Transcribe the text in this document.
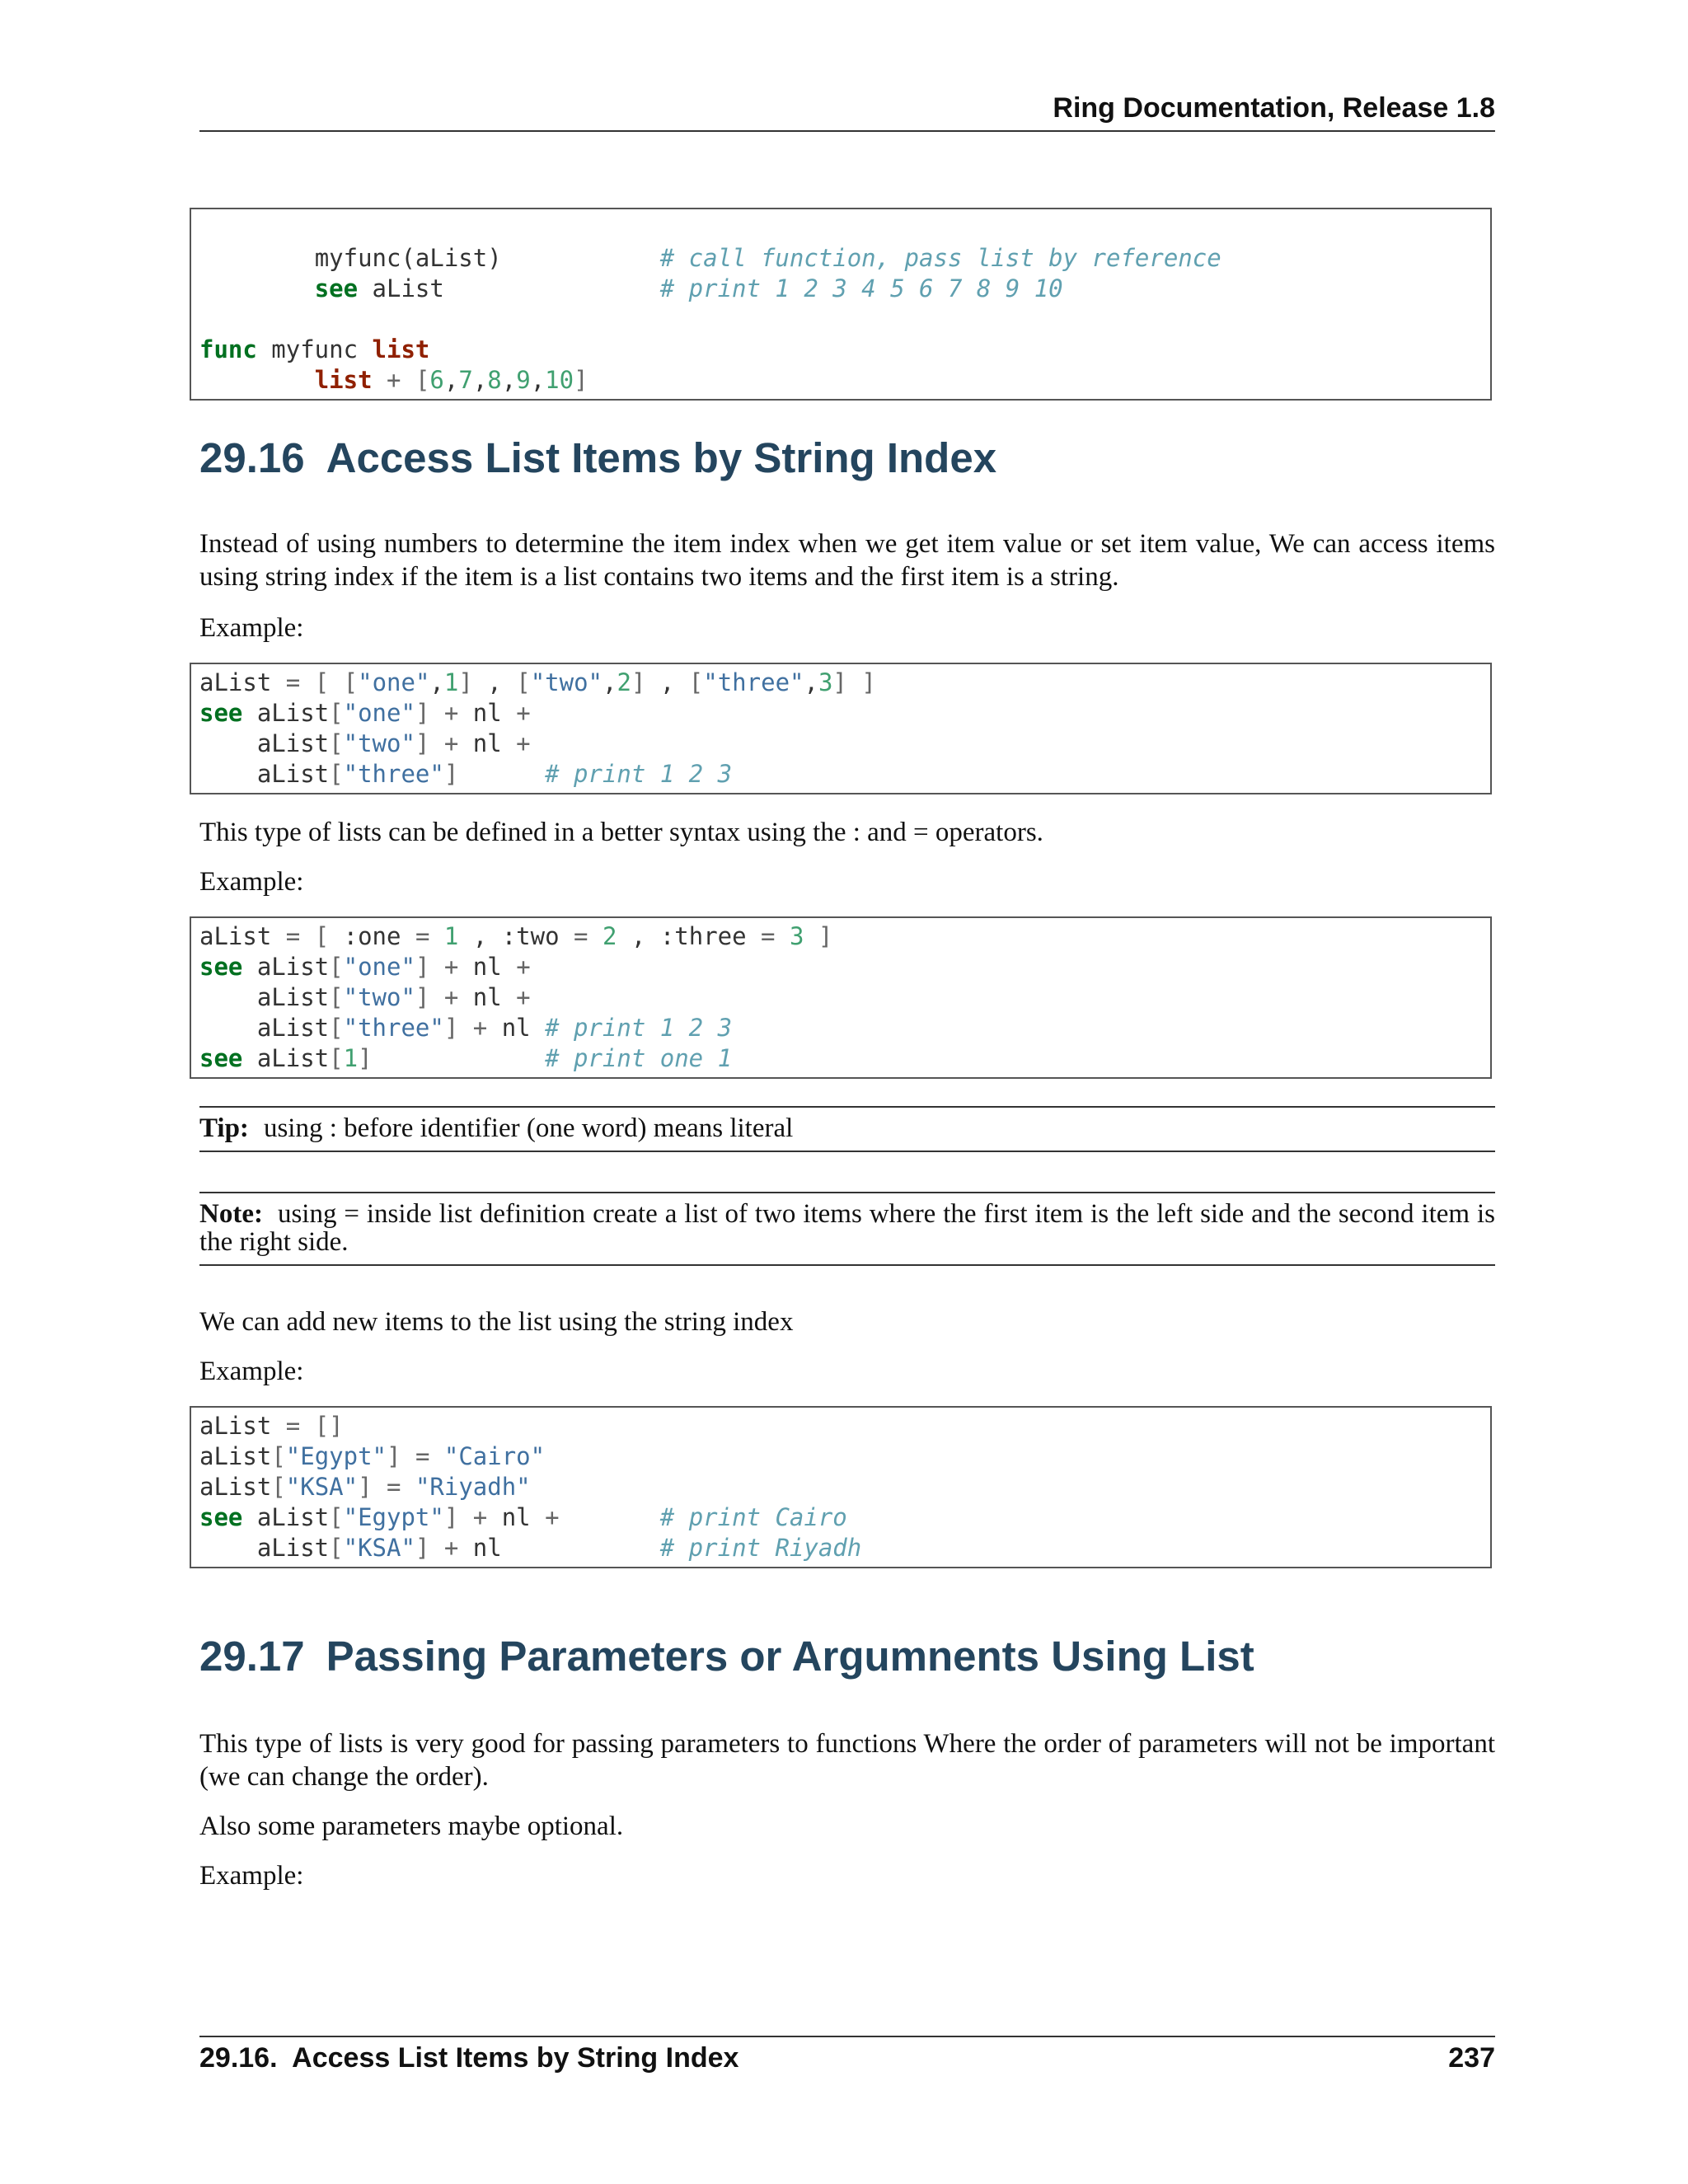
Ring Documentation, Release 1.8

myfunc(aList)	# call function, pass list by reference
see aList	# print 1 2 3 4 5 6 7 8 9 10
func myfunc list
list + [6,7,8,9,10]
29.16 Access List Items by String Index
Instead of using numbers to determine the item index when we get item value or set item value, We can access items using string index if the item is a list contains two items and the first item is a string.
Example:
aList = [ ["one",1] , ["two",2] , ["three",3] ]
see aList["one"] + nl +
aList["two"] + nl +
aList["three"]	# print 1 2 3
This type of lists can be defined in a better syntax using the : and = operators.
Example:
aList = [ :one = 1 , :two = 2 , :three = 3 ]
see aList["one"] + nl +
aList["two"] + nl +
aList["three"] + nl # print 1 2 3
see aList[1]	# print one 1
Tip: using : before identifier (one word) means literal
Note: using = inside list definition create a list of two items where the first item is the left side and the second item is the right side.
We can add new items to the list using the string index
Example:
aList = []
aList["Egypt"] = "Cairo"
aList["KSA"] = "Riyadh"
see aList["Egypt"] + nl +	# print Cairo
aList["KSA"] + nl           # print Riyadh
29.17 Passing Parameters or Argumnents Using List
This type of lists is very good for passing parameters to functions Where the order of parameters will not be important (we can change the order).
Also some parameters maybe optional.
Example:
29.16.  Access List Items by String Index	237
